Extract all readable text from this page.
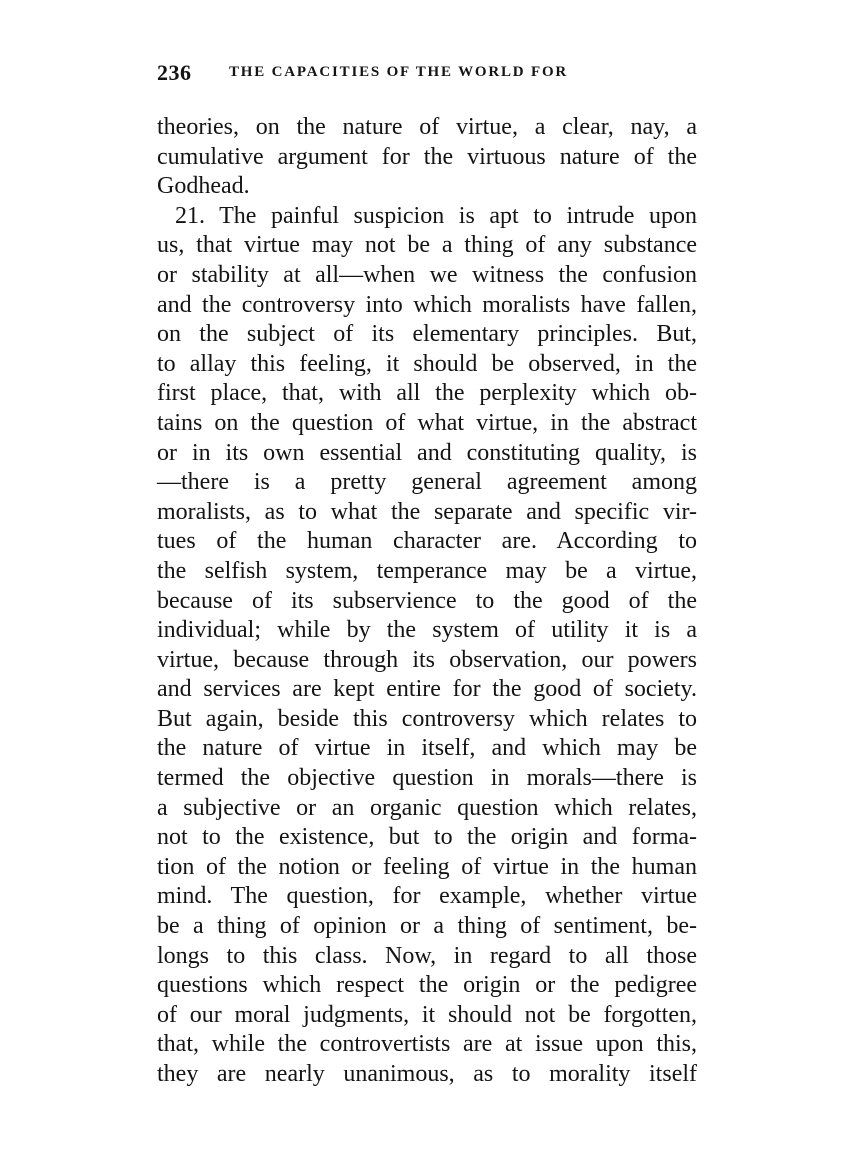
236	THE CAPACITIES OF THE WORLD FOR
theories, on the nature of virtue, a clear, nay, a
cumulative argument for the virtuous nature of the
Godhead.
21. The painful suspicion is apt to intrude upon
us, that virtue may not be a thing of any substance
or stability at all—when we witness the confusion
and the controversy into which moralists have fallen,
on the subject of its elementary principles. But,
to allay this feeling, it should be observed, in the
first place, that, with all the perplexity which ob-
tains on the question of what virtue, in the abstract
or in its own essential and constituting quality, is
—there is a pretty general agreement among
moralists, as to what the separate and specific vir-
tues of the human character are. According to
the selfish system, temperance may be a virtue,
because of its subservience to the good of the
individual; while by the system of utility it is a
virtue, because through its observation, our powers
and services are kept entire for the good of society.
But again, beside this controversy which relates to
the nature of virtue in itself, and which may be
termed the objective question in morals—there is
a subjective or an organic question which relates,
not to the existence, but to the origin and forma-
tion of the notion or feeling of virtue in the human
mind. The question, for example, whether virtue
be a thing of opinion or a thing of sentiment, be-
longs to this class. Now, in regard to all those
questions which respect the origin or the pedigree
of our moral judgments, it should not be forgotten,
that, while the controvertists are at issue upon this,
they are nearly unanimous, as to morality itself
